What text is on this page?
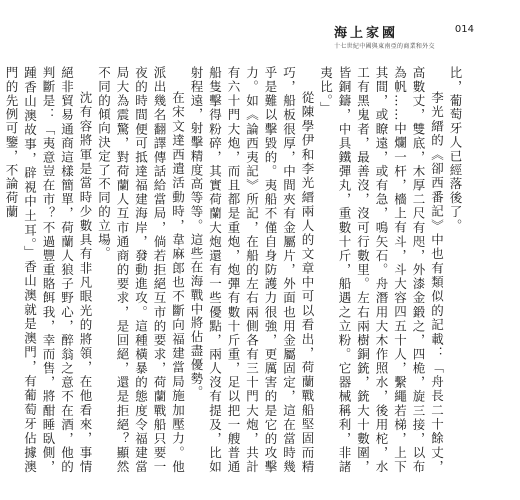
海上家國	014
十七世紀中國與東南亞的商業和外交

比，葡萄牙人已經落後了。

李光縉的《卻西番記》中也有類似的記載：「舟長二十餘丈，高數丈，雙底，木厚二尺有咫，外漆金鍛之，四桅，旋三接，以布為帆……中爛一杆，檣上有斗，斗大容四五十人，繫繩若梯，上下其間，或瞭遠，或有急，鳴矢石。舟潛用大木作照水，後用柁，水工有黑鬼者，最善沒，沒可行數里。左右兩樹銅銃，銃大十數圍，皆銅鑄，中具鐵彈丸，重數十斤，船遇之立粉。它器械稱利，非諸夷比。」

從陳學伊和李光縉兩人的文章中可以看出，荷蘭戰船堅固而精巧，船板很厚，中間夾有金屬片，外面也用金屬固定，這在當時幾乎是難以擊毀的。夷船不僅自身防護力很強，更厲害的是它的攻擊力。如《論西夷記》所記，在船的左右兩側各有三十門大炮，共計有六十門大炮，而且都是重炮，炮彈有數十斤重，足以把一艘普通船隻擊得粉碎，其實荷蘭大炮還有一些優點，兩人沒有提及，比如射程遠，射擊精度高等等。這些在海戰中將佔盡優勢。

在宋文達西遣活動時，韋麻郎也不斷向福建當局施加壓力。他派出幾名翻譯傳話給當局，倘若拒絕互市的要求，荷蘭戰船只要一夜的時間便可抵達福建海岸，發動進攻。這種橫暴的態度令福建當局大為震驚，對荷蘭人互市通商的要求，是回絕，還是拒絕？顯然不同的傾向決定了不同的立場。

沈有容將軍是當時少數具有非凡眼光的將領，在他看來，事情絕非貿易通商這樣簡單，荷蘭人狼子野心，醉翁之意不在酒，他的判斷是：「夷意豈在市？不過豐重賂餌我，幸而售，將酣睡臥側，踵香山澳故事，辟視中土耳。」香山澳就是澳門，有葡萄牙佔據澳門的先例可鑒，不論荷蘭
